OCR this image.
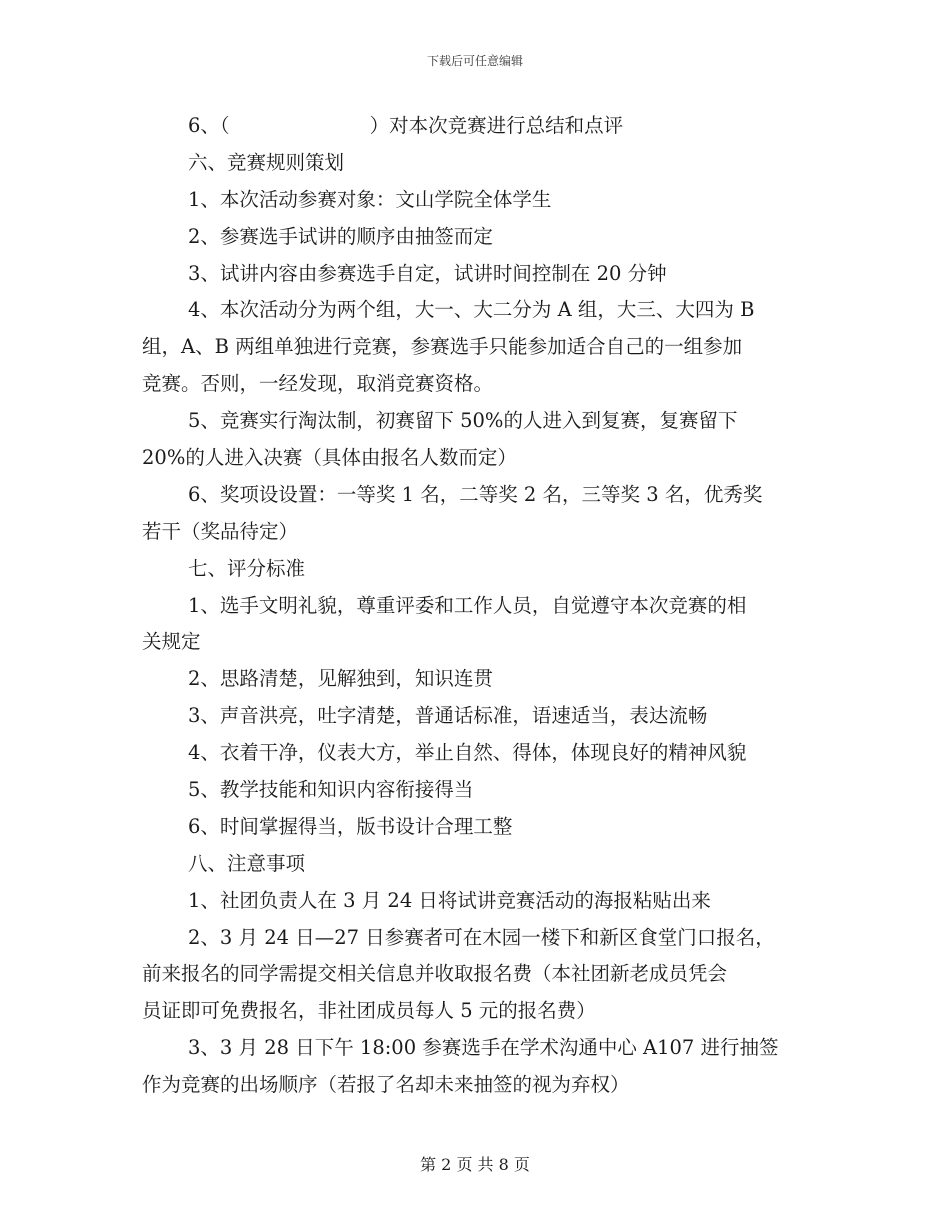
下载后可任意编辑
6、（	）对本次竞赛进行总结和点评
六、竞赛规则策划
1、本次活动参赛对象：文山学院全体学生
2、参赛选手试讲的顺序由抽签而定
3、试讲内容由参赛选手自定，试讲时间控制在 20 分钟
4、本次活动分为两个组，大一、大二分为 A 组，大三、大四为 B
组，A、B 两组单独进行竞赛，参赛选手只能参加适合自己的一组参加
竞赛。否则，一经发现，取消竞赛资格。
5、竞赛实行淘汰制，初赛留下 50%的人进入到复赛，复赛留下
20%的人进入决赛（具体由报名人数而定）
6、奖项设设置：一等奖 1 名，二等奖 2 名，三等奖 3 名，优秀奖
若干（奖品待定）
七、评分标准
1、选手文明礼貌，尊重评委和工作人员，自觉遵守本次竞赛的相
关规定
2、思路清楚，见解独到，知识连贯
3、声音洪亮，吐字清楚，普通话标准，语速适当，表达流畅
4、衣着干净，仪表大方，举止自然、得体，体现良好的精神风貌
5、教学技能和知识内容衔接得当
6、时间掌握得当，版书设计合理工整
八、注意事项
1、社团负责人在 3 月 24 日将试讲竞赛活动的海报粘贴出来
2、3 月 24 日—27 日参赛者可在木园一楼下和新区食堂门口报名，
前来报名的同学需提交相关信息并收取报名费（本社团新老成员凭会
员证即可免费报名，非社团成员每人 5 元的报名费）
3、3 月 28 日下午 18:00 参赛选手在学术沟通中心 A107 进行抽签
作为竞赛的出场顺序（若报了名却未来抽签的视为弃权）
第 2 页 共 8 页
